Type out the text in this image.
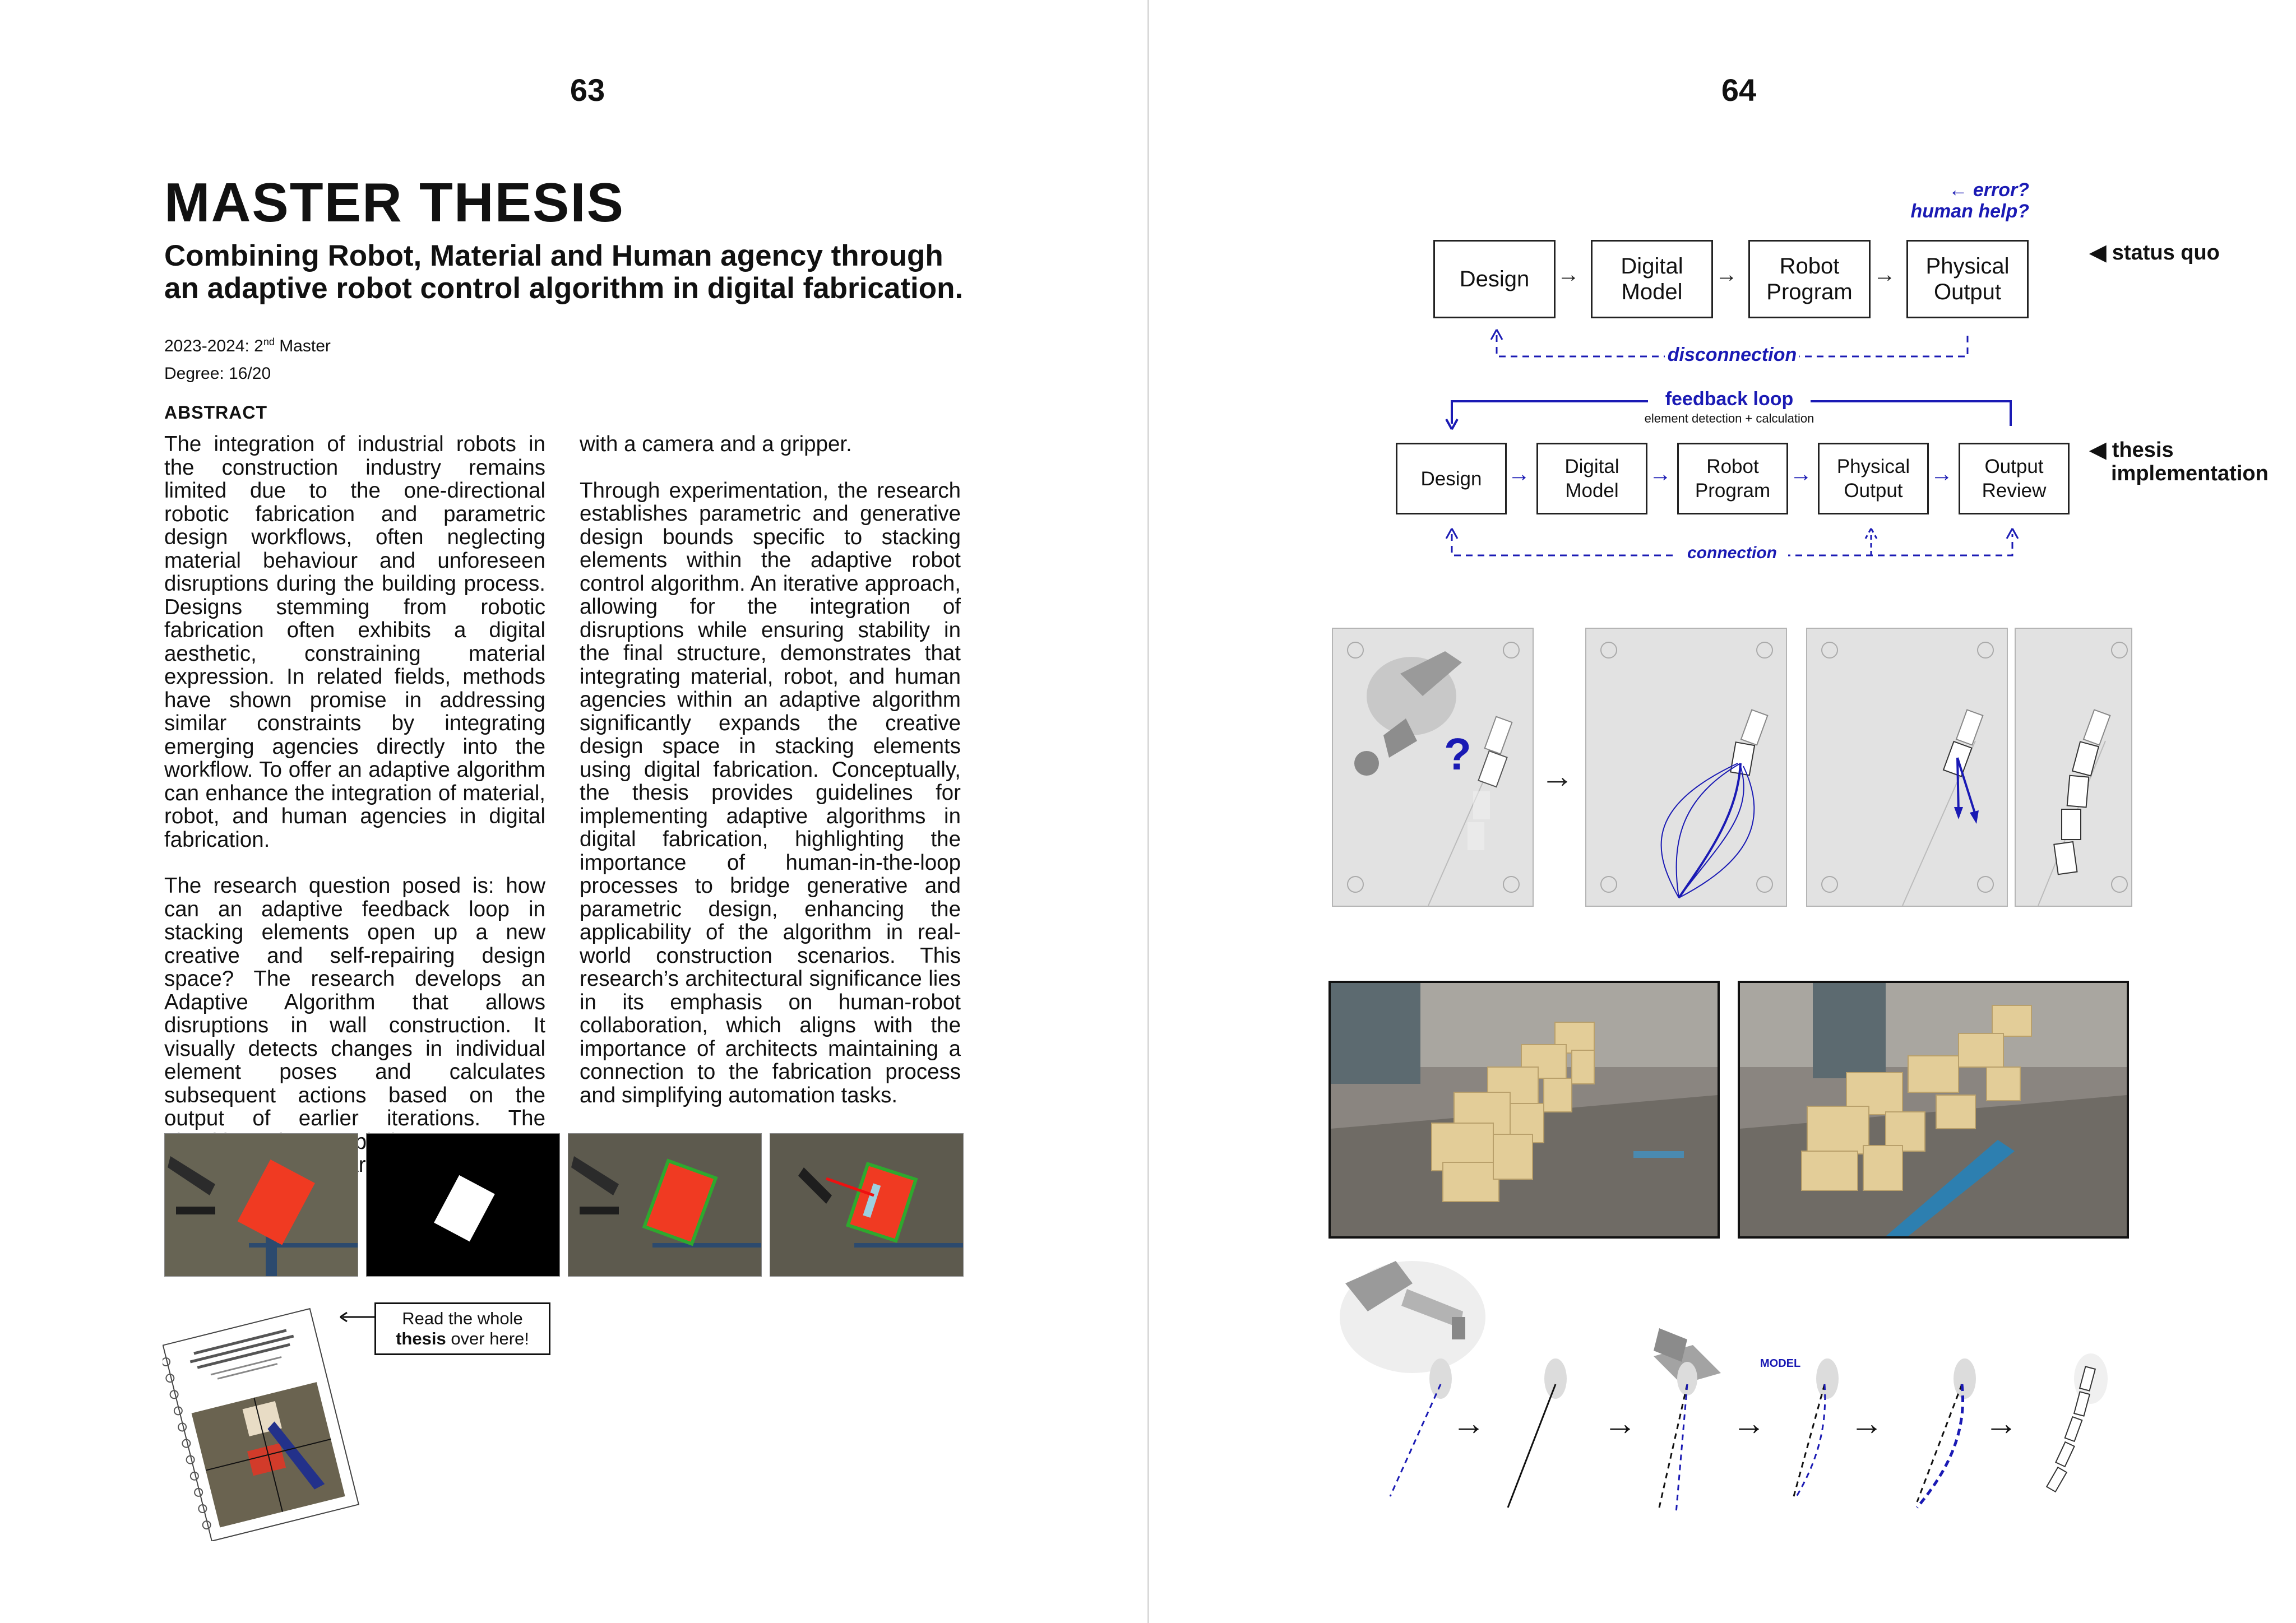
63
MASTER THESIS
Combining Robot, Material and Human agency through an adaptive robot control algorithm in digital fabrication.
2023-2024: 2nd Master
Degree: 16/20
ABSTRACT

The integration of industrial robots in the construction industry remains limited due to the one-directional robotic fabrication and parametric design workflows, often neglecting material behaviour and unforeseen disruptions during the building process. Designs stemming from robotic fabrication often exhibits a digital aesthetic, constraining material expression. In related fields, methods have shown promise in addressing similar constraints by integrating emerging agencies directly into the workflow. To offer an adaptive algorithm can enhance the integration of material, robot, and human agencies in digital fabrication.

The research question posed is: how can an adaptive feedback loop in stacking elements open up a new creative and self-repairing design space? The research develops an Adaptive Algorithm that allows disruptions in wall construction. It visually detects changes in individual element poses and calculates subsequent actions based on the output of earlier iterations. The arm

with a camera and a gripper.

Through experimentation, the research establishes parametric and generative design bounds specific to stacking elements within the adaptive robot control algorithm. An iterative approach, allowing for the integration of disruptions while ensuring stability in the final structure, demonstrates that integrating material, robot, and human agencies within an adaptive algorithm significantly expands the creative design space in stacking elements using digital fabrication. Conceptually, the thesis provides guidelines for implementing adaptive algorithms in digital fabrication, highlighting the importance of human-in-the-loop processes to bridge generative and parametric design, enhancing the applicability of the algorithm in real-world construction scenarios. This research’s architectural significance lies in its emphasis on human-robot collaboration, which aligns with the importance of architects maintaining a connection to the fabrication process and simplifying automation tasks.

Read the whole
thesis over here!
64
← error?
human help?
Design → Digital
Model
→	Robot
Program
→ Physical
Output
◀ status quo
disconnection
feedback loop
element detection + calculation
Design → Digital
Model
→	Robot
Program
→ Physical
Output
→ Output
Review
◀ thesis
implementation
connection
? →
→	→	→	→	→
MODEL
